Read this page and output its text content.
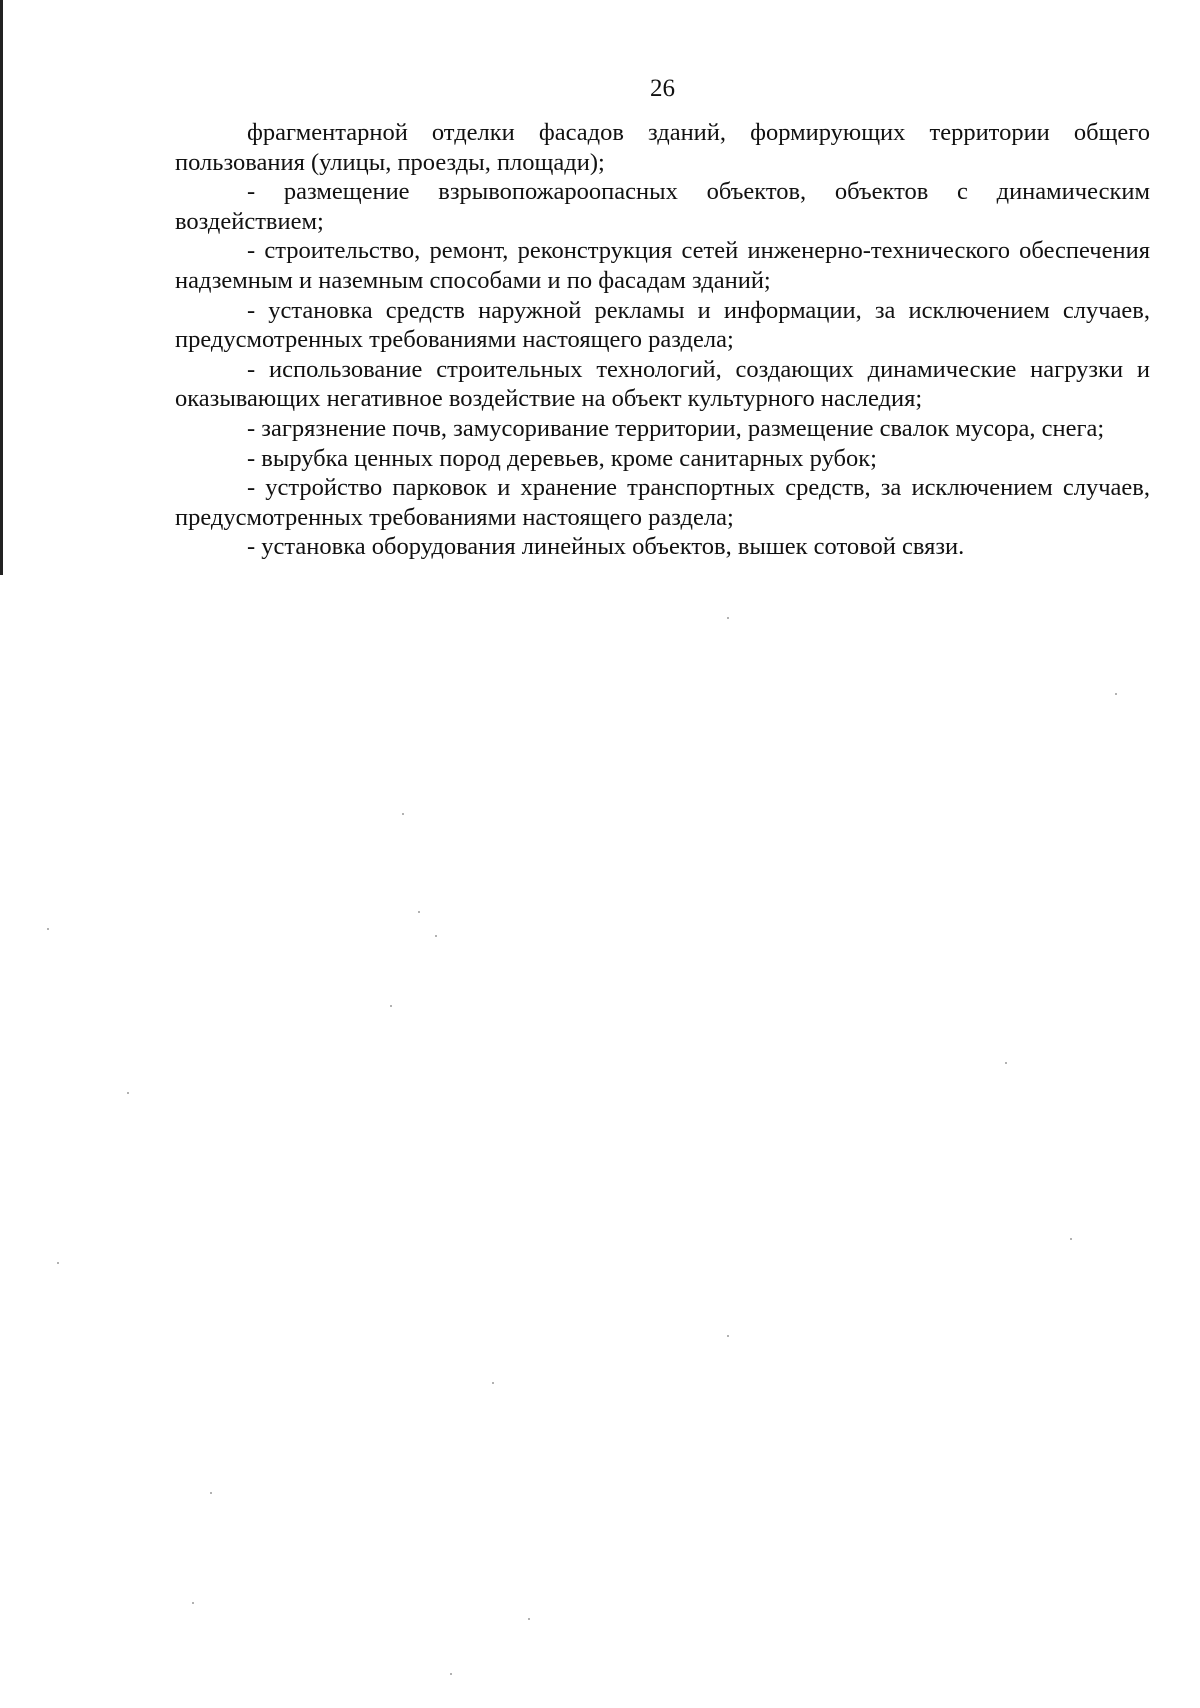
26

фрагментарной отделки фасадов зданий, формирующих территории общего пользования (улицы, проезды, площади);

- размещение взрывопожароопасных объектов, объектов с динамическим воздействием;

- строительство, ремонт, реконструкция сетей инженерно-технического обеспечения надземным и наземным способами и по фасадам зданий;

- установка средств наружной рекламы и информации, за исключением случаев, предусмотренных требованиями настоящего раздела;

- использование строительных технологий, создающих динамические нагрузки и оказывающих негативное воздействие на объект культурного наследия;

- загрязнение почв, замусоривание территории, размещение свалок мусора, снега;

- вырубка ценных пород деревьев, кроме санитарных рубок;

- устройство парковок и хранение транспортных средств, за исключением случаев, предусмотренных требованиями настоящего раздела;

- установка оборудования линейных объектов, вышек сотовой связи.
